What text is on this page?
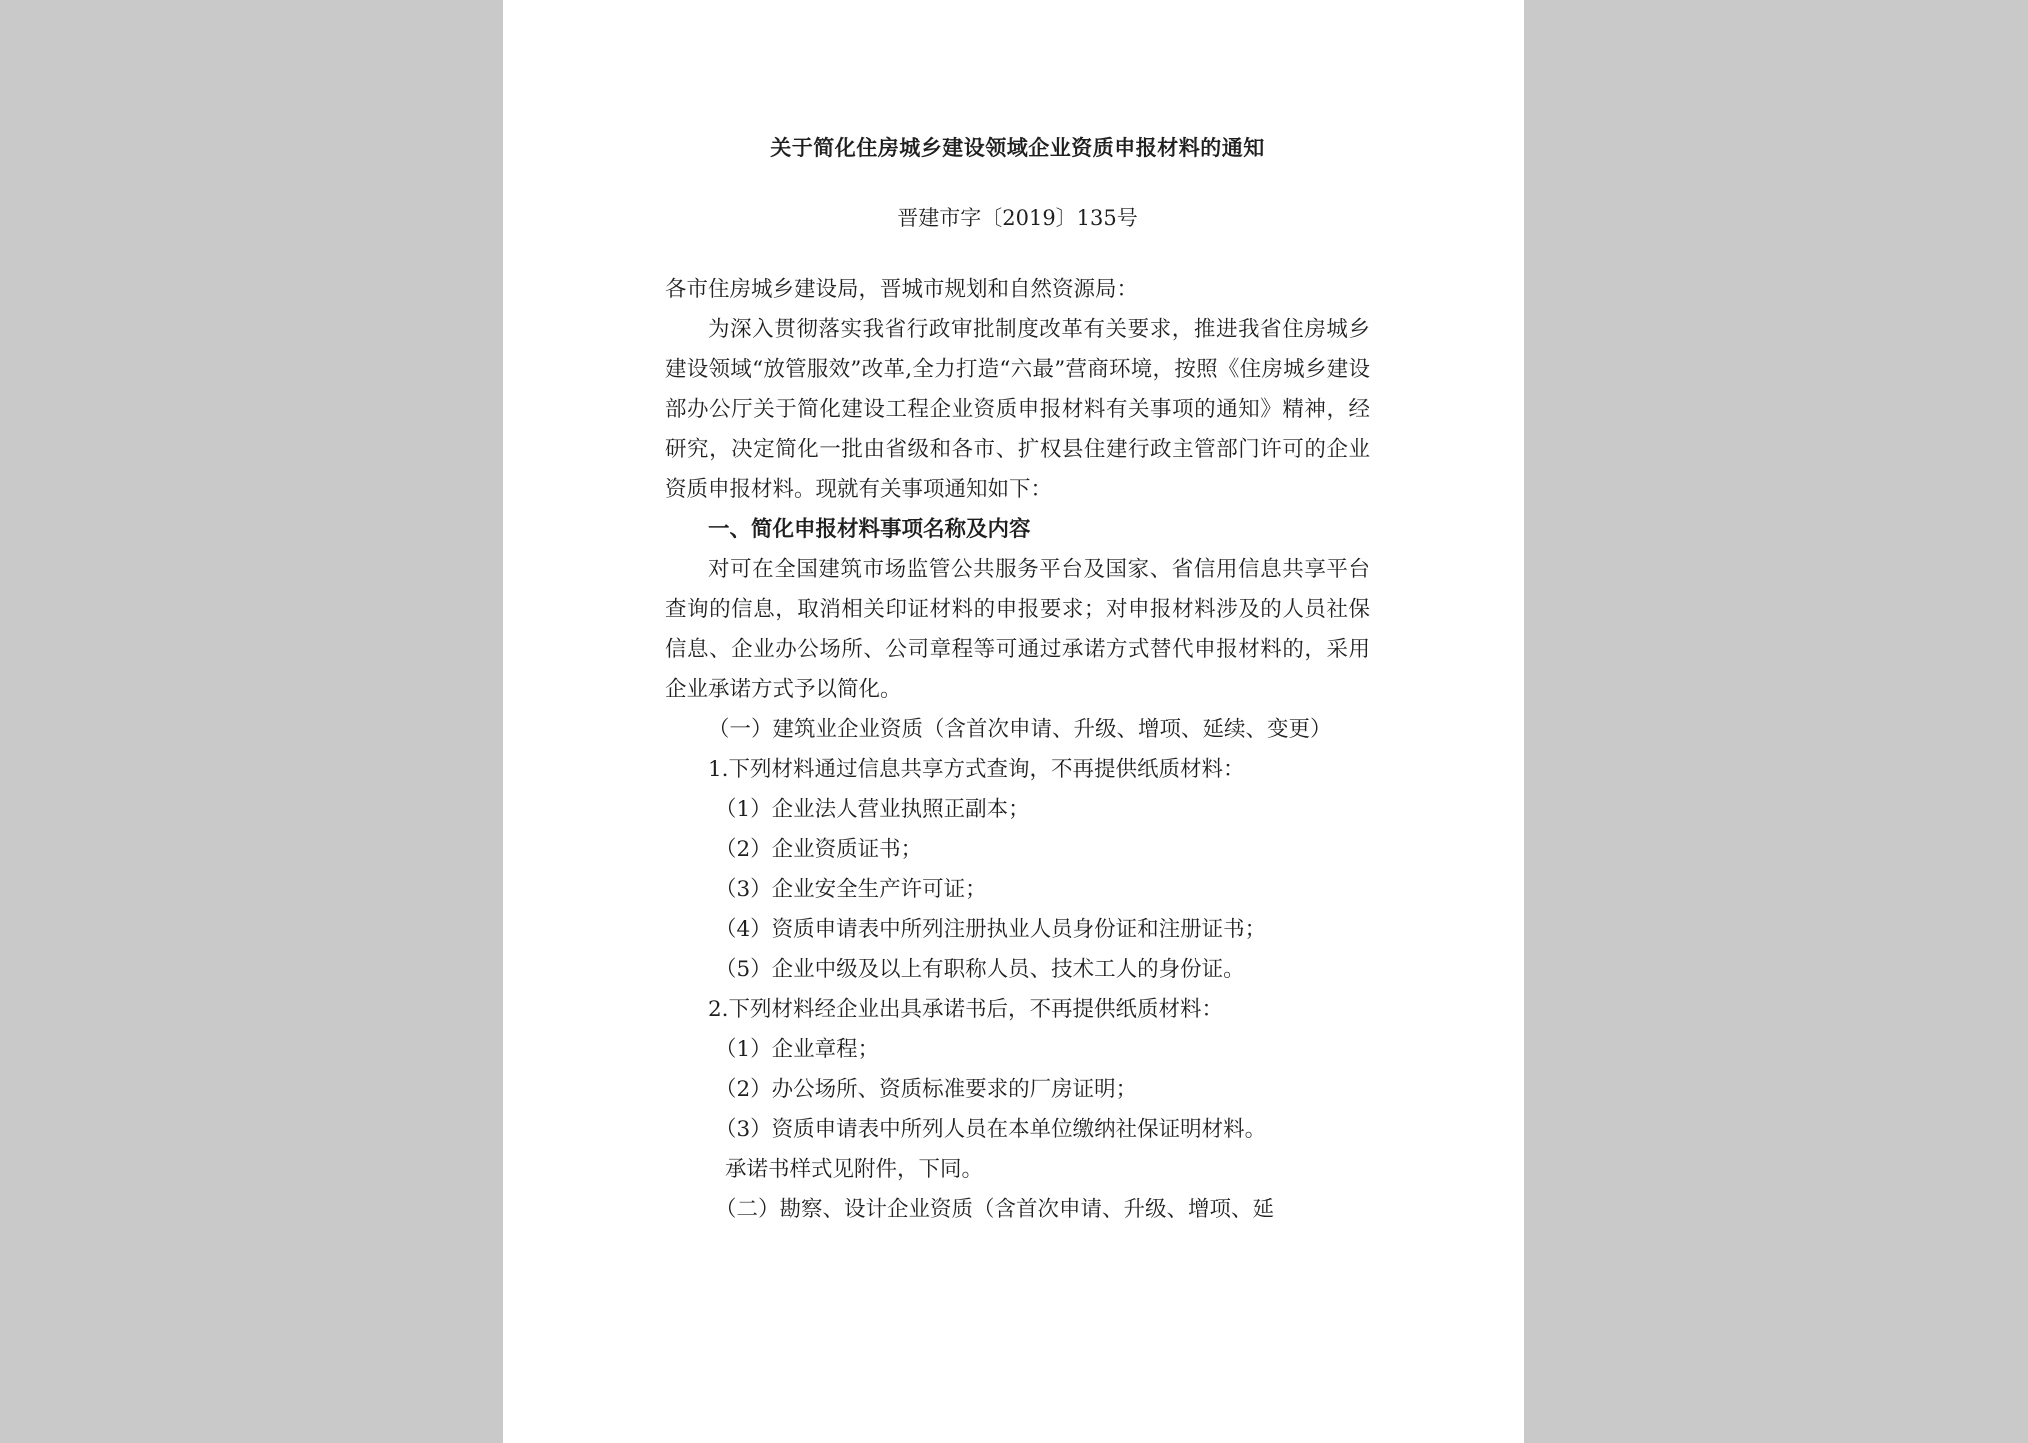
关于简化住房城乡建设领域企业资质申报材料的通知
晋建市字〔2019〕135号
各市住房城乡建设局，晋城市规划和自然资源局：

为深入贯彻落实我省行政审批制度改革有关要求，推进我省住房城乡建设领域“放管服效”改革,全力打造“六最”营商环境，按照《住房城乡建设部办公厅关于简化建设工程企业资质申报材料有关事项的通知》精神，经研究，决定简化一批由省级和各市、扩权县住建行政主管部门许可的企业资质申报材料。现就有关事项通知如下：

一、简化申报材料事项名称及内容

对可在全国建筑市场监管公共服务平台及国家、省信用信息共享平台查询的信息，取消相关印证材料的申报要求；对申报材料涉及的人员社保信息、企业办公场所、公司章程等可通过承诺方式替代申报材料的，采用企业承诺方式予以简化。

（一）建筑业企业资质（含首次申请、升级、增项、延续、变更）

1.下列材料通过信息共享方式查询，不再提供纸质材料：

（1）企业法人营业执照正副本；

（2）企业资质证书；

（3）企业安全生产许可证；

（4）资质申请表中所列注册执业人员身份证和注册证书；

（5）企业中级及以上有职称人员、技术工人的身份证。

2.下列材料经企业出具承诺书后，不再提供纸质材料：

（1）企业章程；

（2）办公场所、资质标准要求的厂房证明；

（3）资质申请表中所列人员在本单位缴纳社保证明材料。

承诺书样式见附件，下同。

（二）勘察、设计企业资质（含首次申请、升级、增项、延
